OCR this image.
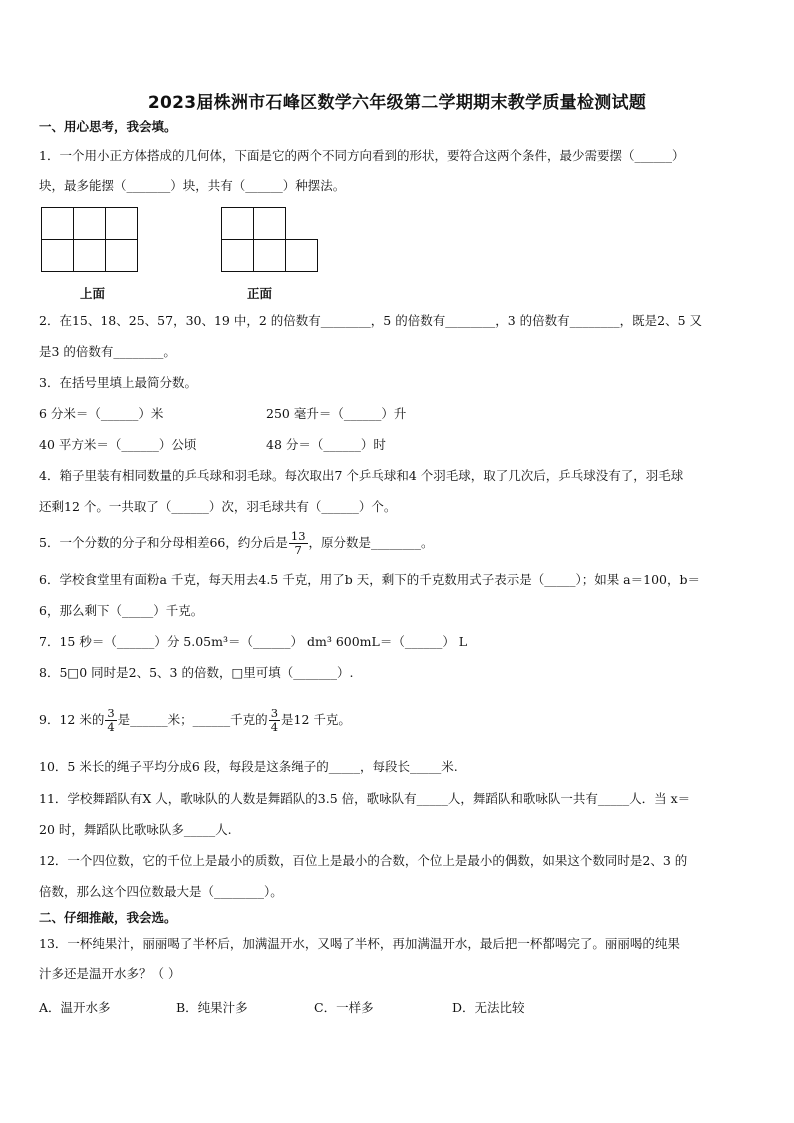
2023届株洲市石峰区数学六年级第二学期期末教学质量检测试题
一、用心思考，我会填。
1．一个用小正方体搭成的几何体，下面是它的两个不同方向看到的形状，要符合这两个条件，最少需要摆（______）
块，最多能摆（_______）块，共有（______）种摆法。
上面	正面
2．在15、18、25、57，30、19 中，2 的倍数有________，5 的倍数有________，3 的倍数有________，既是2、5 又
是3 的倍数有________。
3．在括号里填上最简分数。
6 分米＝（______）米	250 毫升＝（______）升
40 平方米＝（______）公顷	48 分＝（______）时
4．箱子里装有相同数量的乒乓球和羽毛球。每次取出7 个乒乓球和4 个羽毛球，取了几次后，乒乓球没有了，羽毛球
还剩12 个。一共取了（______）次，羽毛球共有（______）个。
5．一个分数的分子和分母相差66，约分后是 $\frac{13}{7}$ ，原分数是________。
6．学校食堂里有面粉a 千克，每天用去4.5 千克，用了b 天，剩下的千克数用式子表示是（_____）；如果 a＝100，b＝
6，那么剩下（_____）千克。
7．15 秒＝（______）分 5.05m³＝（______） dm³ 600mL＝（______） L
8．5□0 同时是2、5、3 的倍数，□里可填（_______）.
9．12 米的 $\frac{3}{4}$ 是______米；______千克的 $\frac{3}{4}$ 是12 千克。
10．5 米长的绳子平均分成6 段，每段是这条绳子的_____，每段长_____米.
11．学校舞蹈队有X 人，歌咏队的人数是舞蹈队的3.5 倍，歌咏队有_____人，舞蹈队和歌咏队一共有_____人．当 x＝
20 时，舞蹈队比歌咏队多_____人.
12．一个四位数，它的千位上是最小的质数，百位上是最小的合数，个位上是最小的偶数，如果这个数同时是2、3 的
倍数，那么这个四位数最大是（________）。
二、仔细推敲，我会选。
13．一杯纯果汁，丽丽喝了半杯后，加满温开水，又喝了半杯，再加满温开水，最后把一杯都喝完了。丽丽喝的纯果
汁多还是温开水多？（ ）
A．温开水多	B．纯果汁多	C．一样多	D．无法比较
